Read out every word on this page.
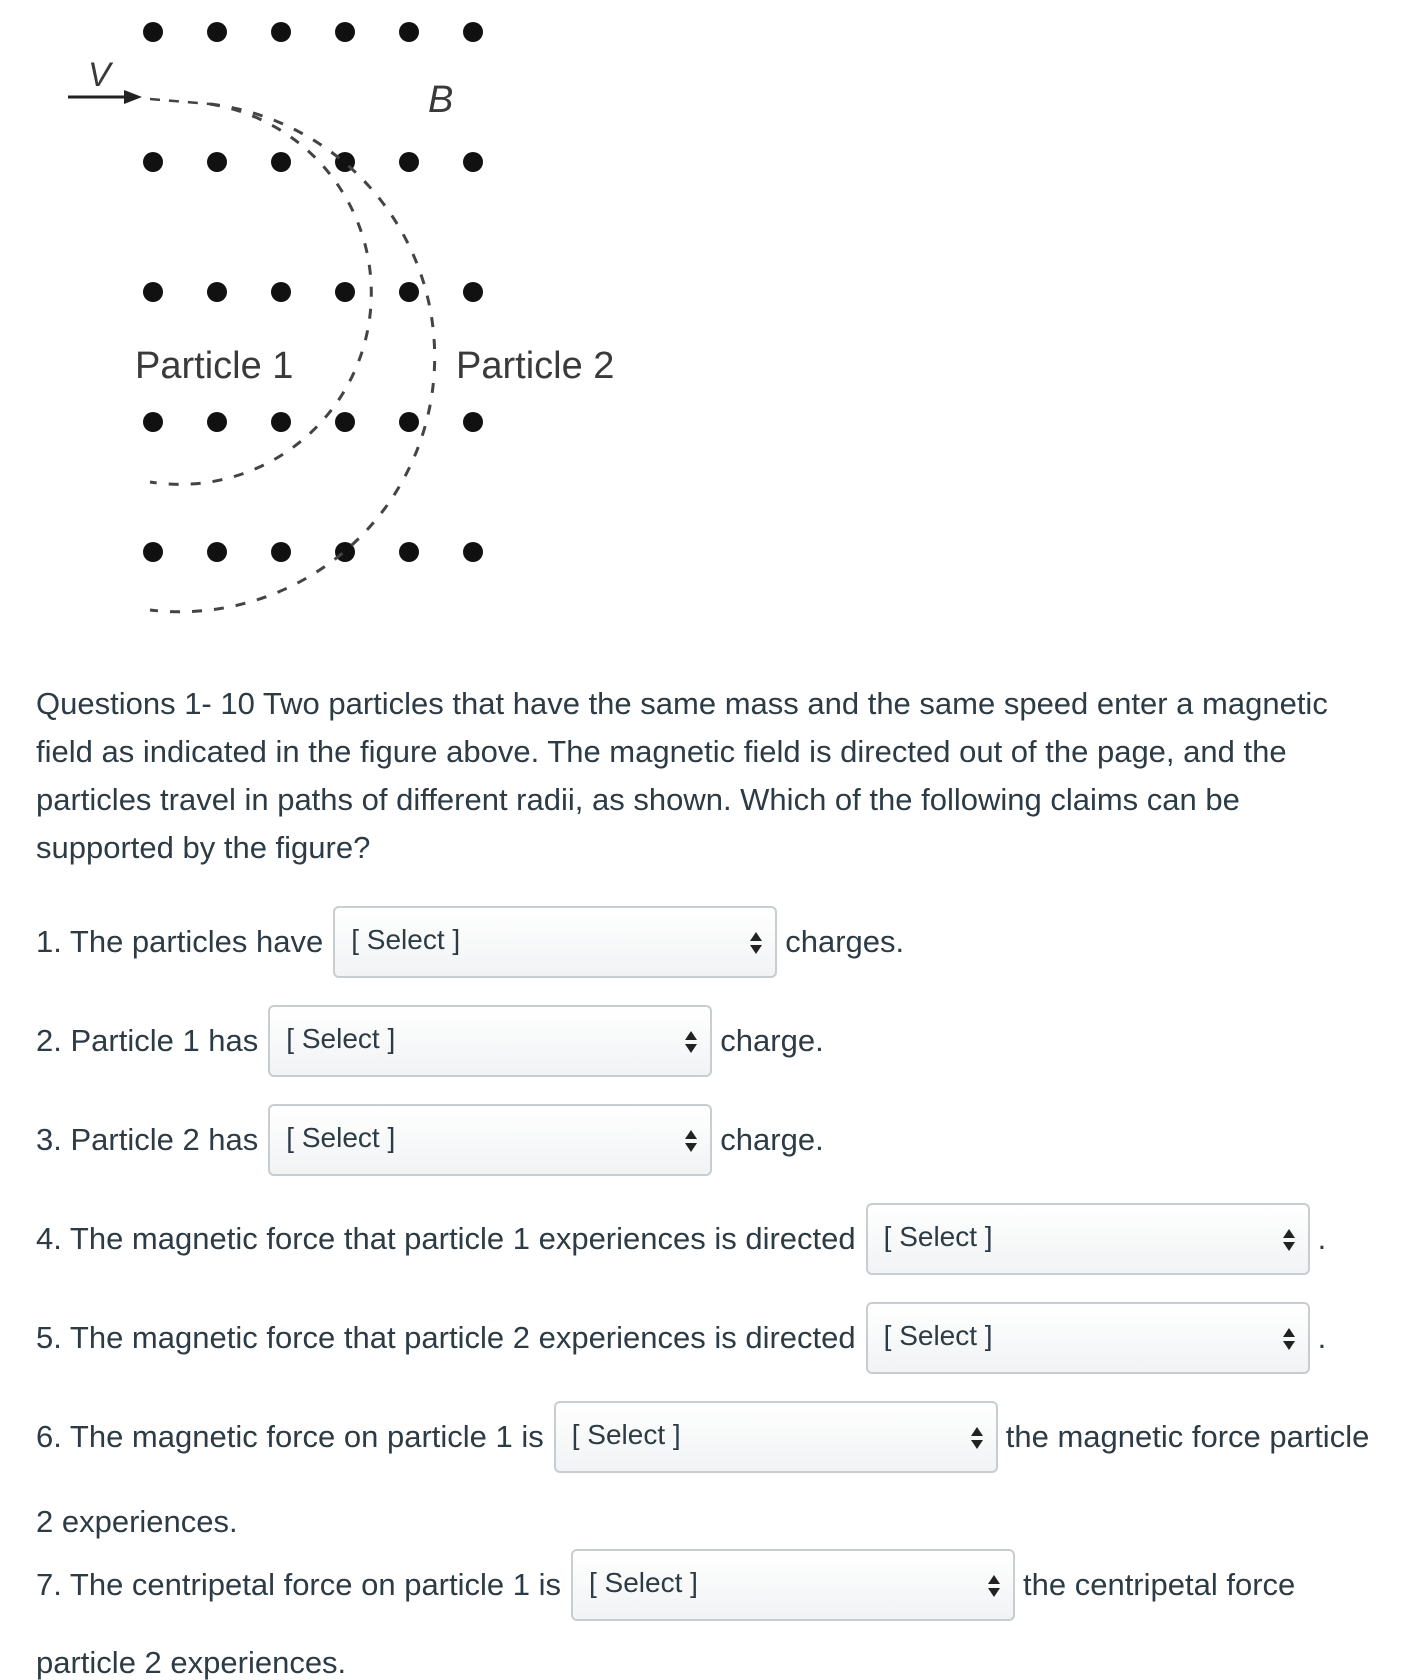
V
B
Particle 1	Particle 2

Questions 1- 10 Two particles that have the same mass and the same speed enter a magnetic field as indicated in the figure above. The magnetic field is directed out of the page, and the particles travel in paths of different radii, as shown. Which of the following claims can be supported by the figure?

1. The particles have [ Select ]	charges.
2. Particle 1 has [ Select ]	charge.
3. Particle 2 has [ Select ]	charge.
4. The magnetic force that particle 1 experiences is directed [ Select ]	.
5. The magnetic force that particle 2 experiences is directed [ Select ]	.
6. The magnetic force on particle 1 is [ Select ]	the magnetic force particle

2 experiences.

7. The centripetal force on particle 1 is [ Select ]	the centripetal force

particle 2 experiences.
